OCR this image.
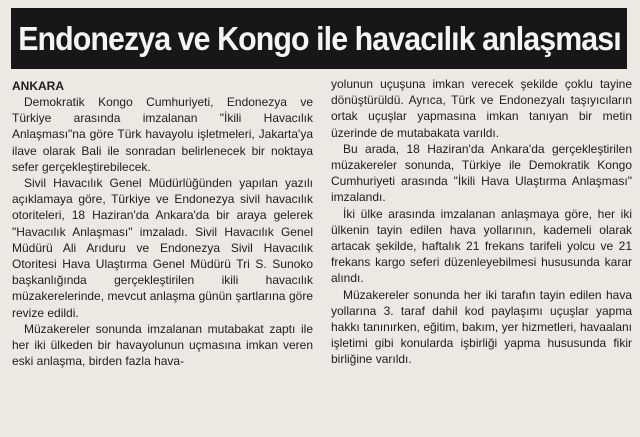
Endonezya ve Kongo ile havacılık anlaşması

ANKARA

Demokratik Kongo Cumhuriyeti, Endonezya ve Türkiye arasında imzalanan "İkili Havacılık Anlaşması"na göre Türk havayolu işletmeleri, Jakarta'ya ilave olarak Bali ile sonradan belirlenecek bir noktaya sefer gerçekleştirebilecek.

Sivil Havacılık Genel Müdürlüğünden yapılan yazılı açıklamaya göre, Türkiye ve Endonezya sivil havacılık otoriteleri, 18 Haziran'da Ankara'da bir araya gelerek "Havacılık Anlaşması" imzaladı. Sivil Havacılık Genel Müdürü Ali Arıduru ve Endonezya Sivil Havacılık Otoritesi Hava Ulaştırma Genel Müdürü Tri S. Sunoko başkanlığında gerçekleştirilen ikili havacılık müzakerelerinde, mevcut anlaşma günün şartlarına göre revize edildi.

Müzakereler sonunda imzalanan mutabakat zaptı ile her iki ülkeden bir havayolunun uçmasına imkan veren eski anlaşma, birden fazla hava-

yolunun uçuşuna imkan verecek şekilde çoklu tayine dönüştürüldü. Ayrıca, Türk ve Endonezyalı taşıyıcıların ortak uçuşlar yapmasına imkan tanıyan bir metin üzerinde de mutabakata varıldı.

Bu arada, 18 Haziran'da Ankara'da gerçekleştirilen müzakereler sonunda, Türkiye ile Demokratik Kongo Cumhuriyeti arasında "İkili Hava Ulaştırma Anlaşması" imzalandı.

İki ülke arasında imzalanan anlaşmaya göre, her iki ülkenin tayin edilen hava yollarının, kademeli olarak artacak şekilde, haftalık 21 frekans tarifeli yolcu ve 21 frekans kargo seferi düzenleyebilmesi hususunda karar alındı.

Müzakereler sonunda her iki tarafın tayin edilen hava yollarına 3. taraf dahil kod paylaşımı uçuşlar yapma hakkı tanınırken, eğitim, bakım, yer hizmetleri, havaalanı işletimi gibi konularda işbirliği yapma hususunda fikir birliğine varıldı.
